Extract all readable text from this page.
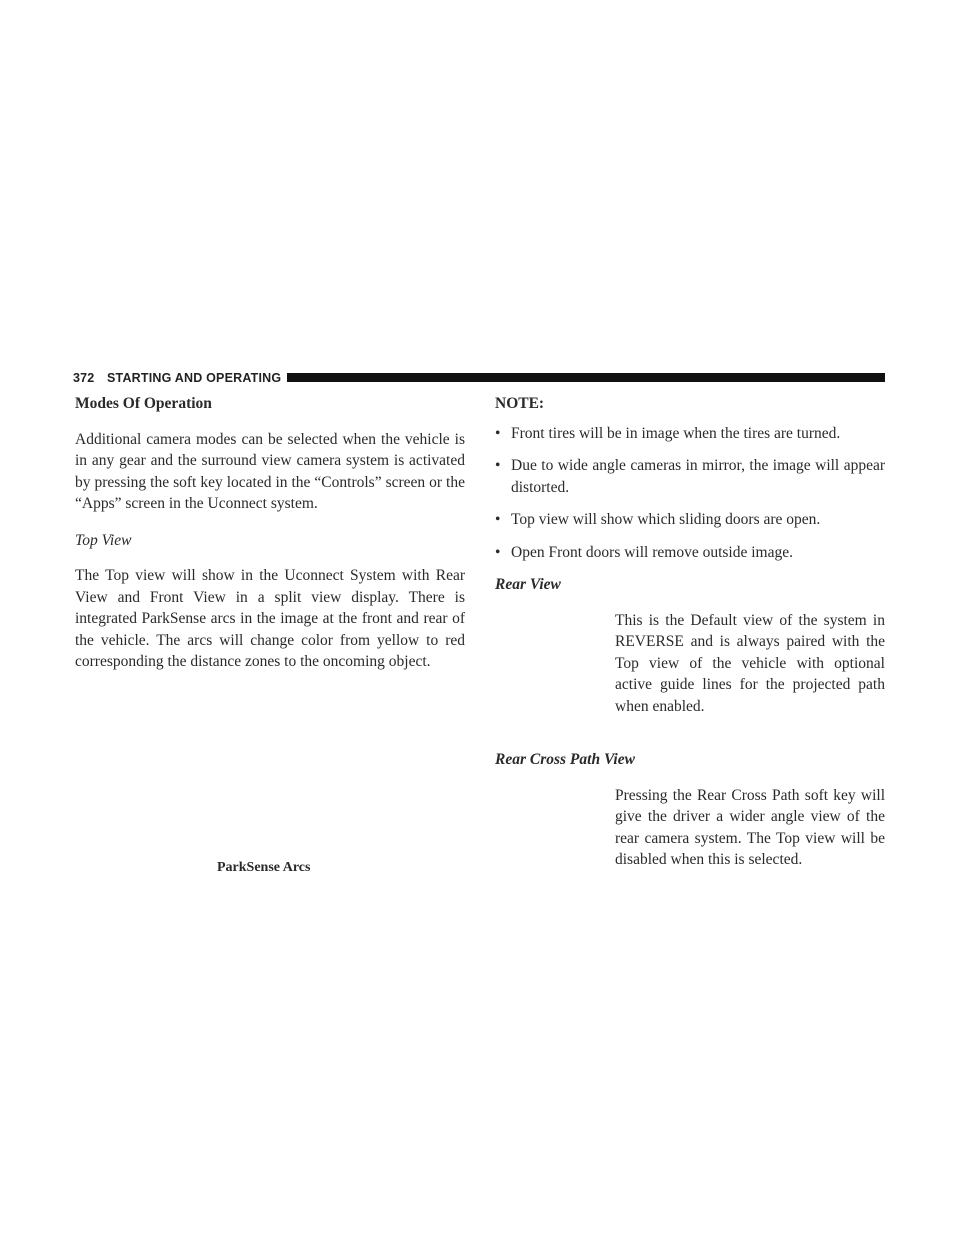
372 STARTING AND OPERATING
Modes Of Operation

Additional camera modes can be selected when the vehicle is in any gear and the surround view camera system is activated by pressing the soft key located in the “Controls” screen or the “Apps” screen in the Uconnect system.

Top View

The Top view will show in the Uconnect System with Rear View and Front View in a split view display. There is integrated ParkSense arcs in the image at the front and rear of the vehicle. The arcs will change color from yellow to red corresponding the distance zones to the oncoming object.

ParkSense Arcs
NOTE:
• Front tires will be in image when the tires are turned.
• Due to wide angle cameras in mirror, the image will appear distorted.
• Top view will show which sliding doors are open.
• Open Front doors will remove outside image.
Rear View
This is the Default view of the system in REVERSE and is always paired with the Top view of the vehicle with optional active guide lines for the projected path when enabled.
Rear Cross Path View
Pressing the Rear Cross Path soft key will give the driver a wider angle view of the rear camera system. The Top view will be disabled when this is selected.
